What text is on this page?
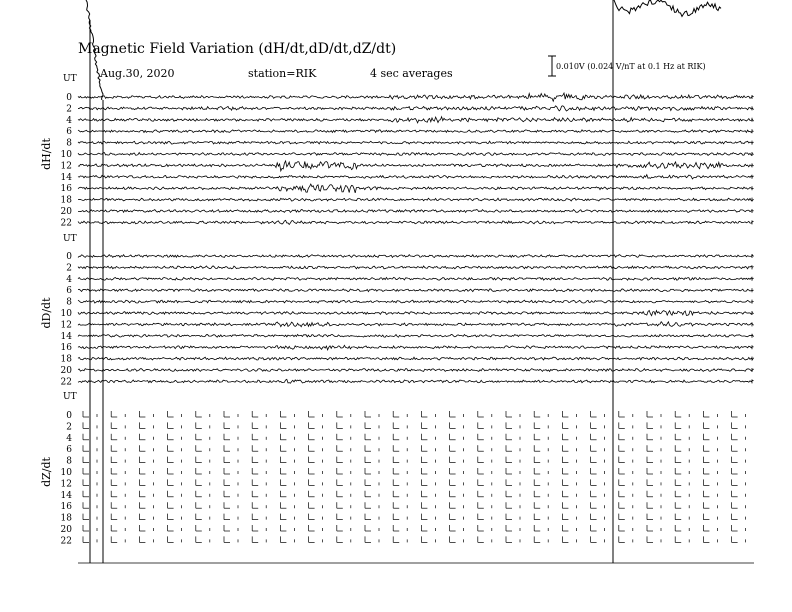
Magnetic Field Variation (dH/dt,dD/dt,dZ/dt)
Aug.30, 2020	station=RIK	4 sec averages
0.010V (0.024 V/nT at 0.1 Hz at RIK)
UT
dH/dt
0
2
4
6
8
10
12
14
16
18
20
22
UT
dD/dt
0
2
4
6
8
10
12
14
16
18
20
22
UT
dZ/dt
0
2
4
6
8
10
12
14
16
18
20
22
